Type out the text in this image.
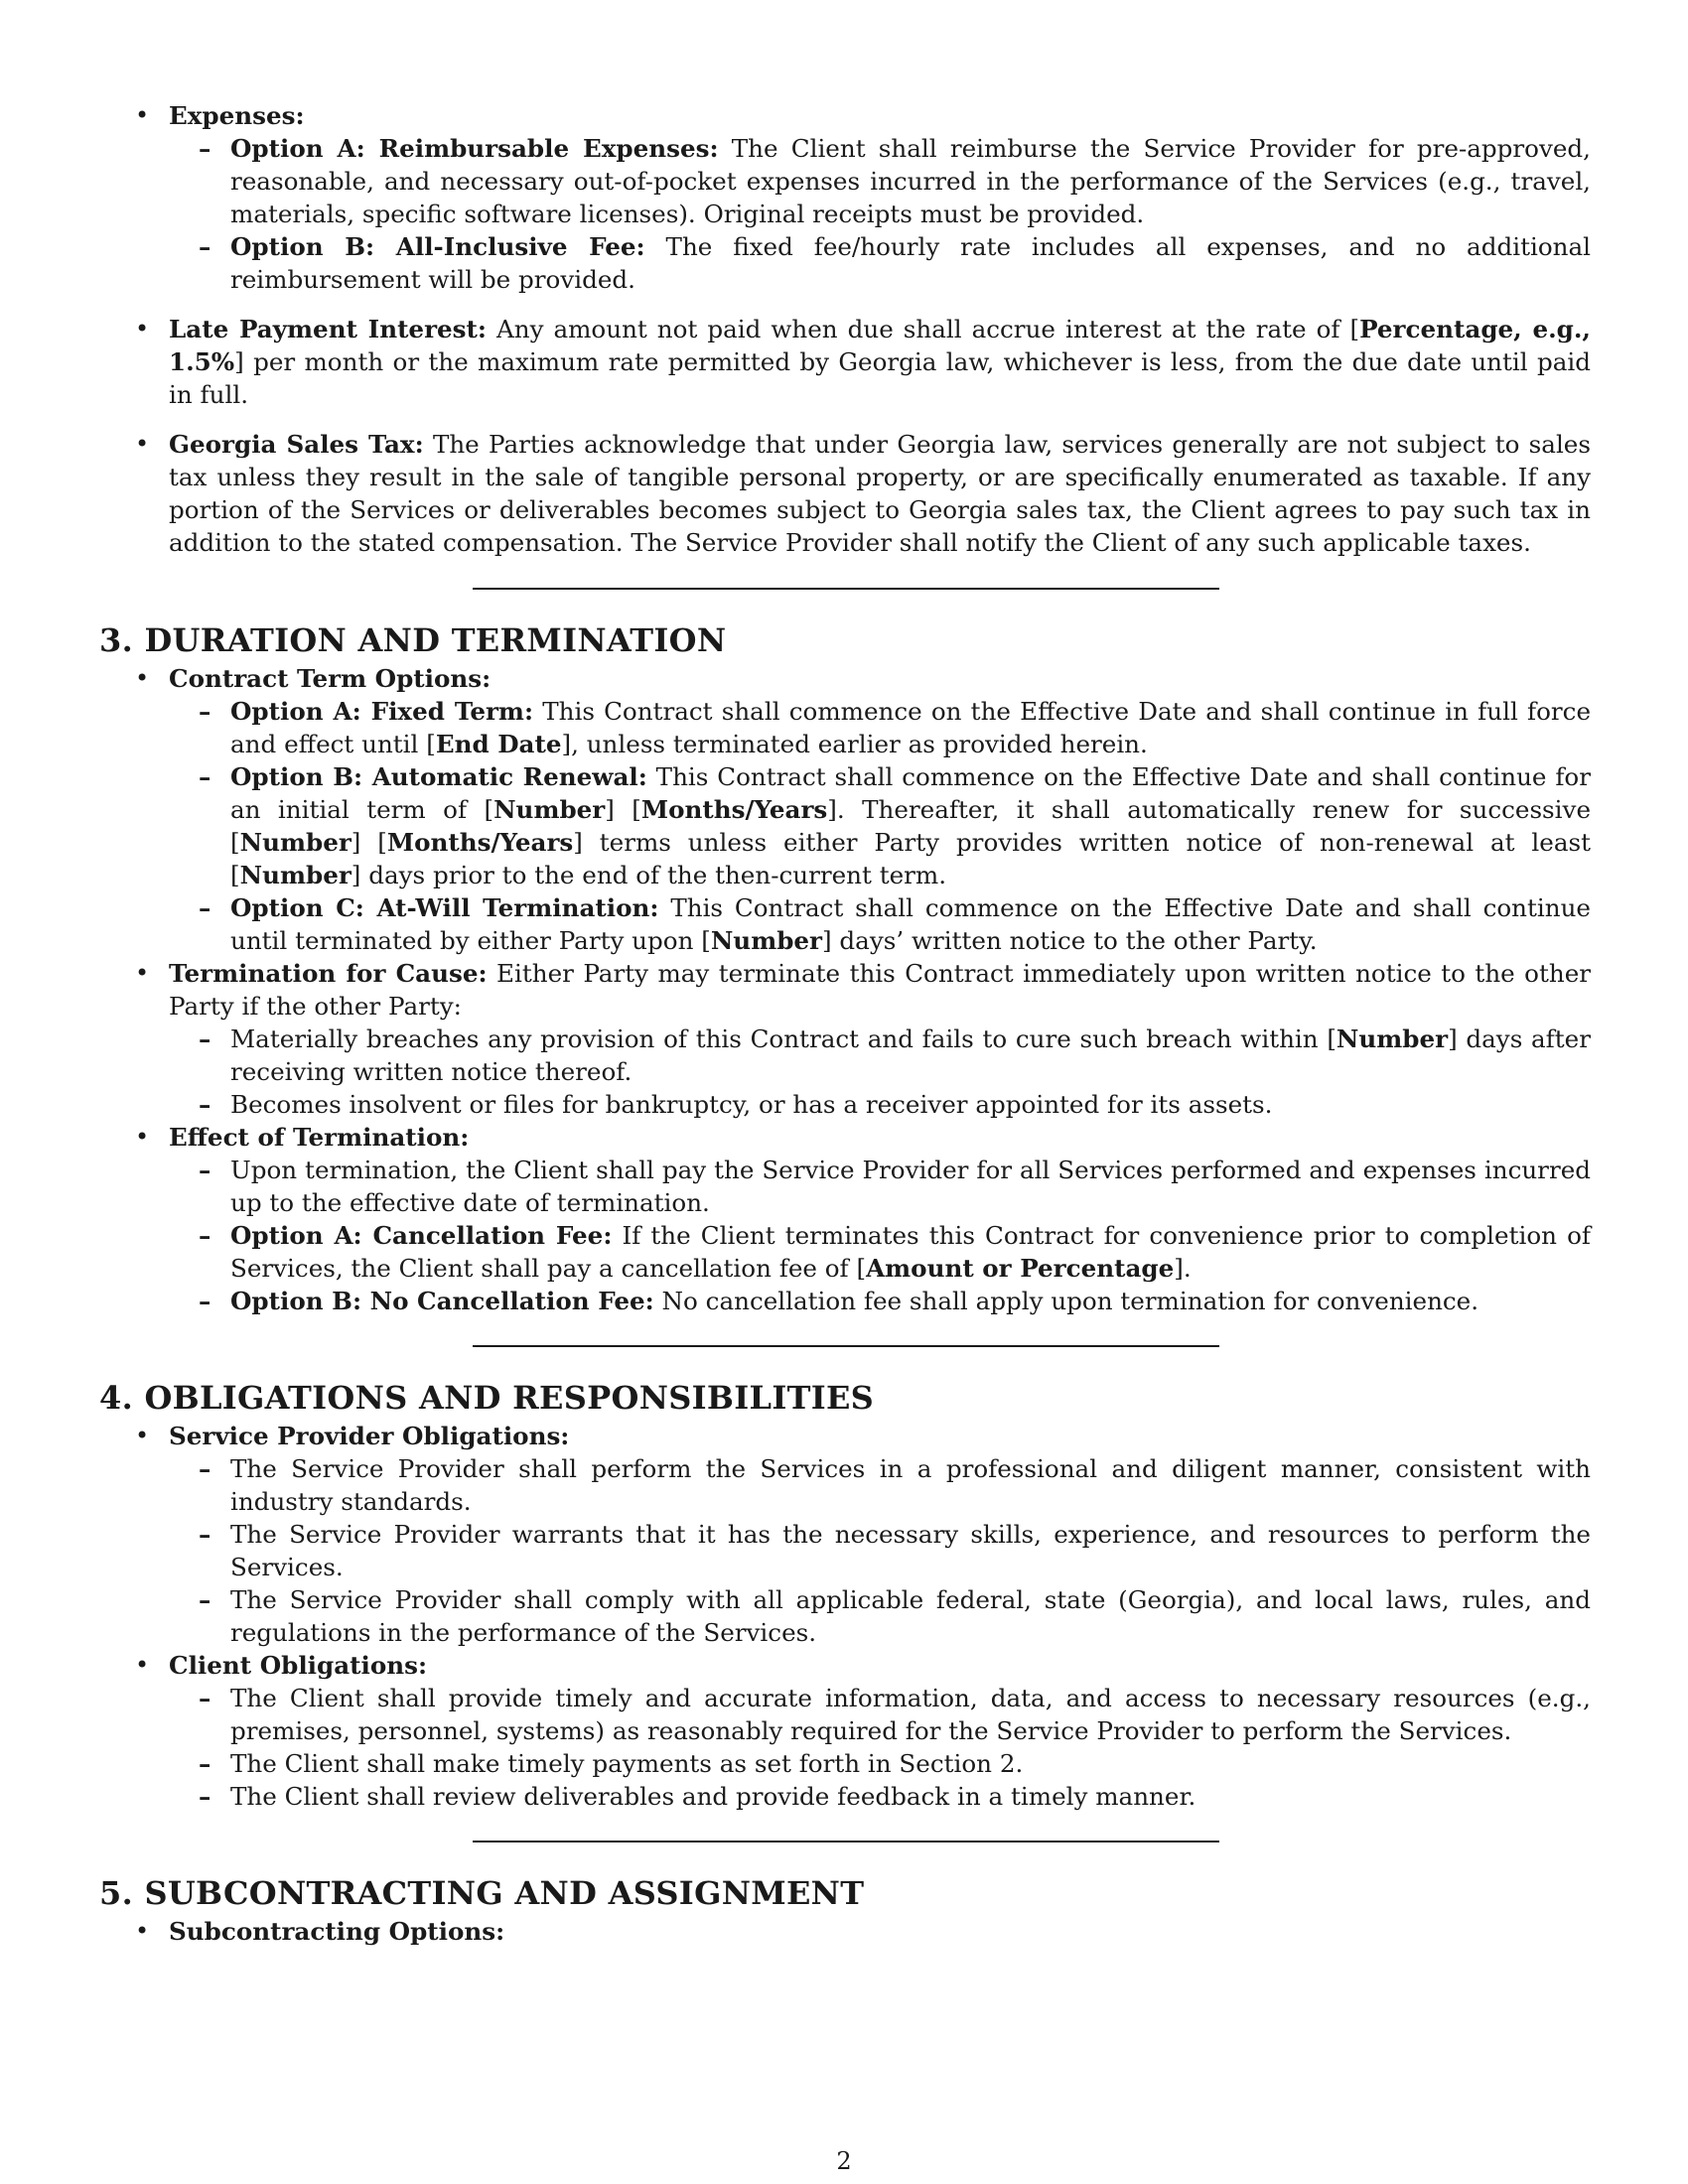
• Expenses:
– Option A: Reimbursable Expenses: The Client shall reimburse the Service Provider for pre-approved, reasonable, and necessary out-of-pocket expenses incurred in the performance of the Services (e.g., travel, materials, specific software licenses). Original receipts must be provided.
– Option B: All-Inclusive Fee: The fixed fee/hourly rate includes all expenses, and no additional reimbursement will be provided.
• Late Payment Interest: Any amount not paid when due shall accrue interest at the rate of [Percentage, e.g., 1.5%] per month or the maximum rate permitted by Georgia law, whichever is less, from the due date until paid in full.
• Georgia Sales Tax: The Parties acknowledge that under Georgia law, services generally are not subject to sales tax unless they result in the sale of tangible personal property, or are specifically enumerated as taxable. If any portion of the Services or deliverables becomes subject to Georgia sales tax, the Client agrees to pay such tax in addition to the stated compensation. The Service Provider shall notify the Client of any such applicable taxes.
3. DURATION AND TERMINATION
• Contract Term Options:
– Option A: Fixed Term: This Contract shall commence on the Effective Date and shall continue in full force and effect until [End Date], unless terminated earlier as provided herein.
– Option B: Automatic Renewal: This Contract shall commence on the Effective Date and shall continue for an initial term of [Number] [Months/Years]. Thereafter, it shall automatically renew for successive [Number] [Months/Years] terms unless either Party provides written notice of non-renewal at least [Number] days prior to the end of the then-current term.
– Option C: At-Will Termination: This Contract shall commence on the Effective Date and shall continue until terminated by either Party upon [Number] days’ written notice to the other Party.
• Termination for Cause: Either Party may terminate this Contract immediately upon written notice to the other Party if the other Party:
– Materially breaches any provision of this Contract and fails to cure such breach within [Number] days after receiving written notice thereof.
– Becomes insolvent or files for bankruptcy, or has a receiver appointed for its assets.
• Effect of Termination:
– Upon termination, the Client shall pay the Service Provider for all Services performed and expenses incurred up to the effective date of termination.
– Option A: Cancellation Fee: If the Client terminates this Contract for convenience prior to completion of Services, the Client shall pay a cancellation fee of [Amount or Percentage].
– Option B: No Cancellation Fee: No cancellation fee shall apply upon termination for convenience.
4. OBLIGATIONS AND RESPONSIBILITIES
• Service Provider Obligations:
– The Service Provider shall perform the Services in a professional and diligent manner, consistent with industry standards.
– The Service Provider warrants that it has the necessary skills, experience, and resources to perform the Services.
– The Service Provider shall comply with all applicable federal, state (Georgia), and local laws, rules, and regulations in the performance of the Services.
• Client Obligations:
– The Client shall provide timely and accurate information, data, and access to necessary resources (e.g., premises, personnel, systems) as reasonably required for the Service Provider to perform the Services.
– The Client shall make timely payments as set forth in Section 2.
– The Client shall review deliverables and provide feedback in a timely manner.
5. SUBCONTRACTING AND ASSIGNMENT
• Subcontracting Options:
2
